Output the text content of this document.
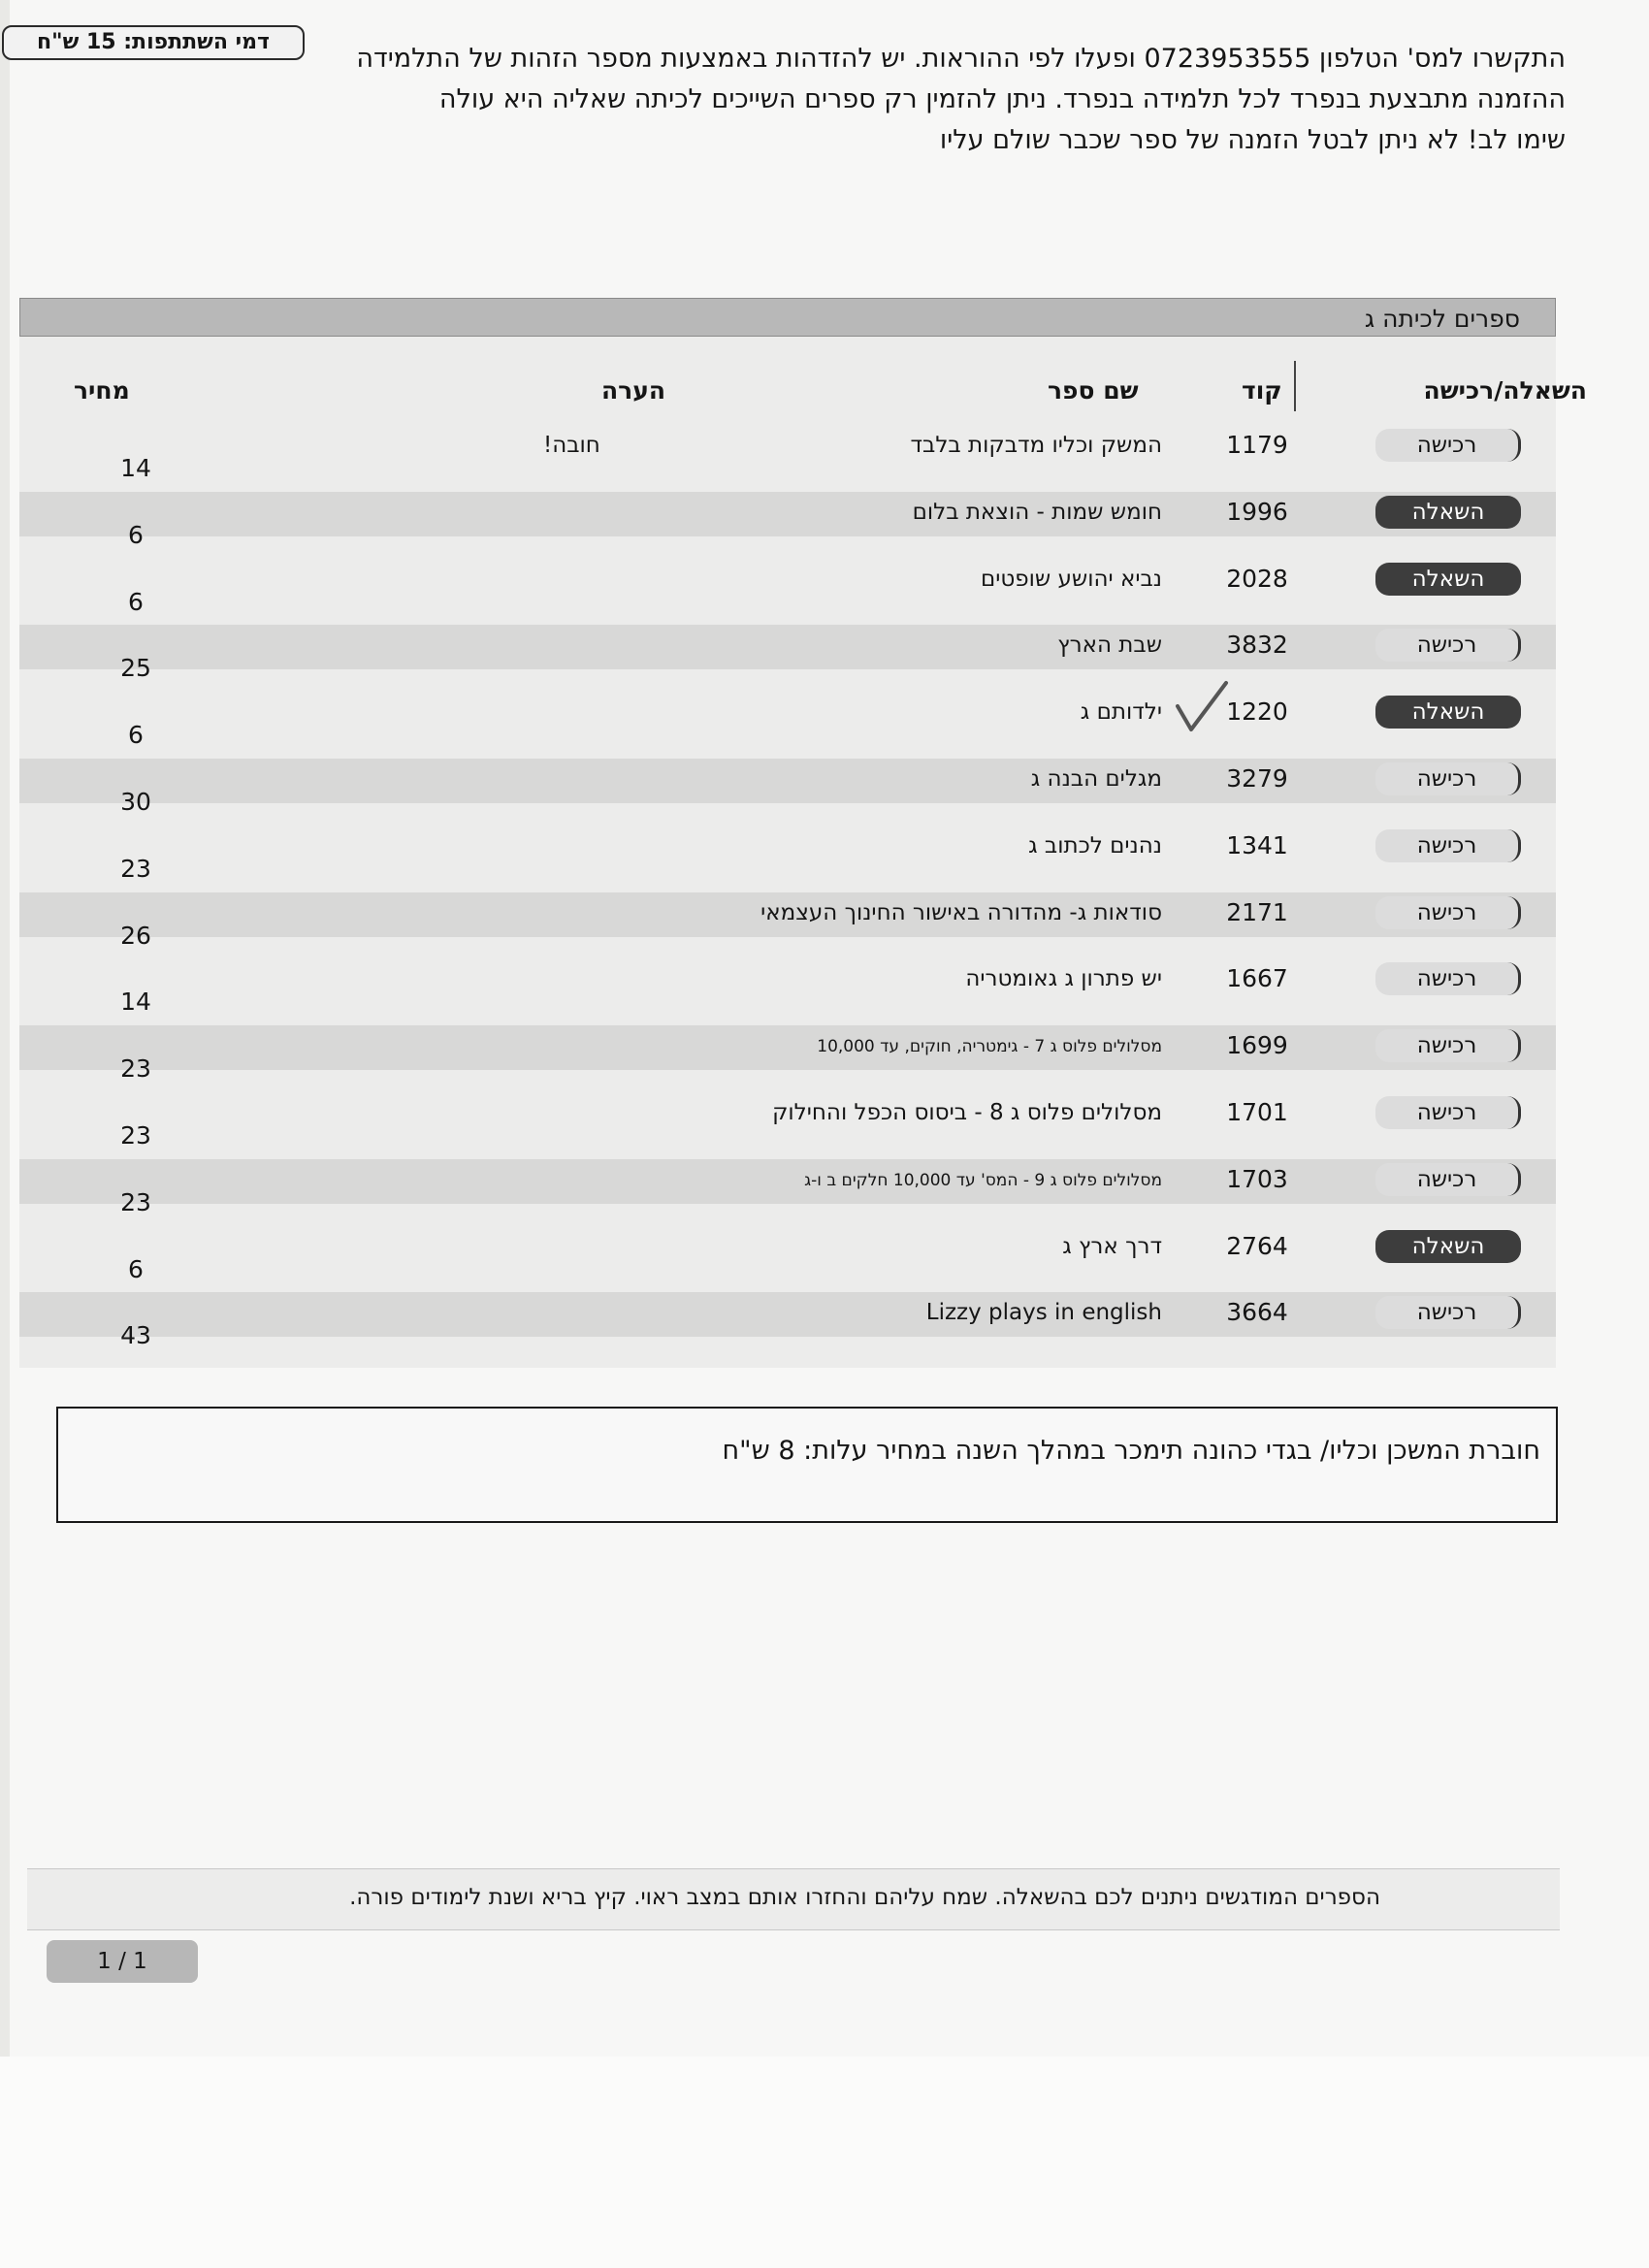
התקשרו למס' הטלפון 0723953555 ופעלו לפי ההוראות. יש להזדהות באמצעות מספר הזהות של התלמידה
ההזמנה מתבצעת בנפרד לכל תלמידה בנפרד. ניתן להזמין רק ספרים השייכים לכיתה שאליה היא עולה
שימו לב! לא ניתן לבטל הזמנה של ספר שכבר שולם עליו
ספרים לכיתה ג
דמי השתתפות: 15 ש"ח
השאלה/רכישה
קוד
שם ספר
הערה
מחיר
רכישה
1179
המשק וכליו מדבקות בלבד
חובה!
14
השאלה
1996
חומש שמות - הוצאת בלום
6
השאלה
2028
נביא יהושע שופטים
6
רכישה
3832
שבת הארץ
25
השאלה
1220
ילדותם ג
6
רכישה
3279
מגלים הבנה ג
30
רכישה
1341
נהנים לכתוב ג
23
רכישה
2171
סודאות ג- מהדורה באישור החינוך העצמאי
26
רכישה
1667
יש פתרון ג גאומטריה
14
רכישה
1699
מסלולים פלוס ג 7 - גימטריה, חוקים, עד 10,000
23
רכישה
1701
מסלולים פלוס ג 8 - ביסוס הכפל והחילוק
23
רכישה
1703
מסלולים פלוס ג 9 - המס' עד 10,000 חלקים ב ו-ג
23
השאלה
2764
דרך ארץ ג
6
רכישה
3664
Lizzy plays in english
43
חוברת המשכן וכליו/ בגדי כהונה תימכר במהלך השנה במחיר עלות: 8 ש"ח
הספרים המודגשים ניתנים לכם בהשאלה. שמח עליהם והחזרו אותם במצב ראוי. קיץ בריא ושנת לימודים פורה.
1 / 1
